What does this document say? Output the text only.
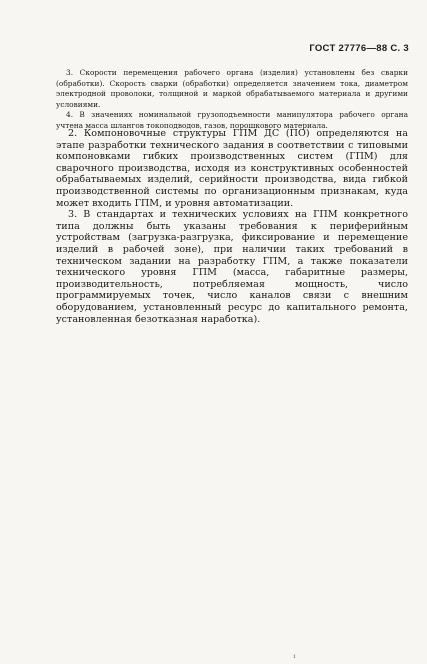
ГОСТ 27776—88 С. 3

3. Скорости перемещения рабочего органа (изделия) установлены без сварки (обработки). Скорость сварки (обработки) определяется значением тока, диаметром электродной проволоки, толщиной и маркой обрабатываемого материала и другими условиями.

4. В значениях номинальной грузоподъемности манипулятора рабочего органа учтена масса шлангов токоподводов, газов, порошкового материала.

2. Компоновочные структуры ГПМ ДС (ПО) определяются на этапе разработки технического задания в соответствии с типовыми компоновками гибких производственных систем (ГПМ) для сварочного производства, исходя из конструктивных особенностей обрабатываемых изделий, серийности производства, вида гибкой производственной системы по организационным признакам, куда может входить ГПМ, и уровня автоматизации.

3. В стандартах и технических условиях на ГПМ конкретного типа должны быть указаны требования к периферийным устройствам (загрузка-разгрузка, фиксирование и перемещение изделий в рабочей зоне), при наличии таких требований в техническом задании на разработку ГПМ, а также показатели технического уровня ГПМ (масса, габаритные размеры, производительность, потребляемая мощность, число программируемых точек, число каналов связи с внешним оборудованием, установленный ресурс до капитального ремонта, установленная безотказная наработка).

1
